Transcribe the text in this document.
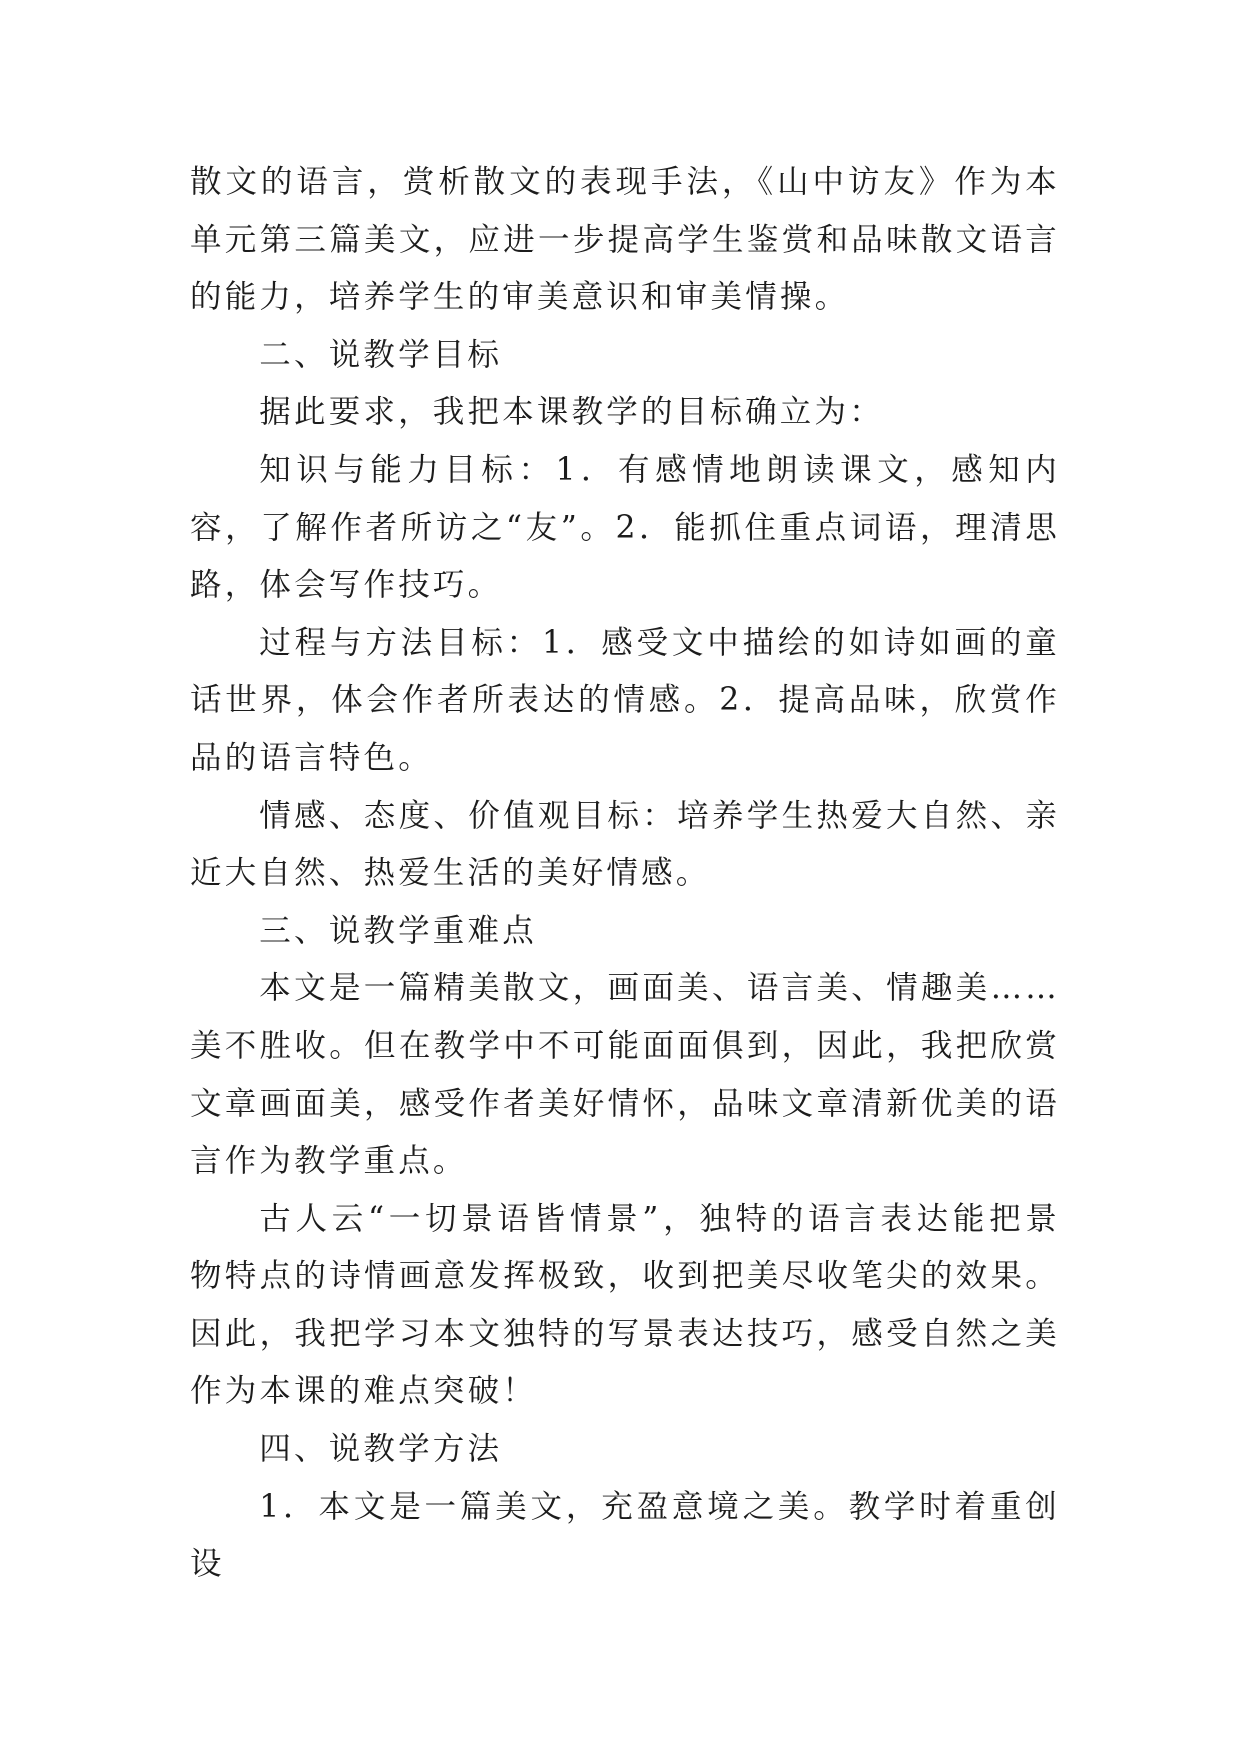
散文的语言，赏析散文的表现手法，《山中访友》作为本单元第三篇美文，应进一步提高学生鉴赏和品味散文语言的能力，培养学生的审美意识和审美情操。

二、说教学目标

据此要求，我把本课教学的目标确立为：

知识与能力目标：1．有感情地朗读课文，感知内容，了解作者所访之“友”。2．能抓住重点词语，理清思路，体会写作技巧。

过程与方法目标：1．感受文中描绘的如诗如画的童话世界，体会作者所表达的情感。2．提高品味，欣赏作品的语言特色。

情感、态度、价值观目标：培养学生热爱大自然、亲近大自然、热爱生活的美好情感。

三、说教学重难点

本文是一篇精美散文，画面美、语言美、情趣美……美不胜收。但在教学中不可能面面俱到，因此，我把欣赏文章画面美，感受作者美好情怀，品味文章清新优美的语言作为教学重点。

古人云“一切景语皆情景”，独特的语言表达能把景物特点的诗情画意发挥极致，收到把美尽收笔尖的效果。因此，我把学习本文独特的写景表达技巧，感受自然之美作为本课的难点突破！

四、说教学方法

1．本文是一篇美文，充盈意境之美。教学时着重创设
